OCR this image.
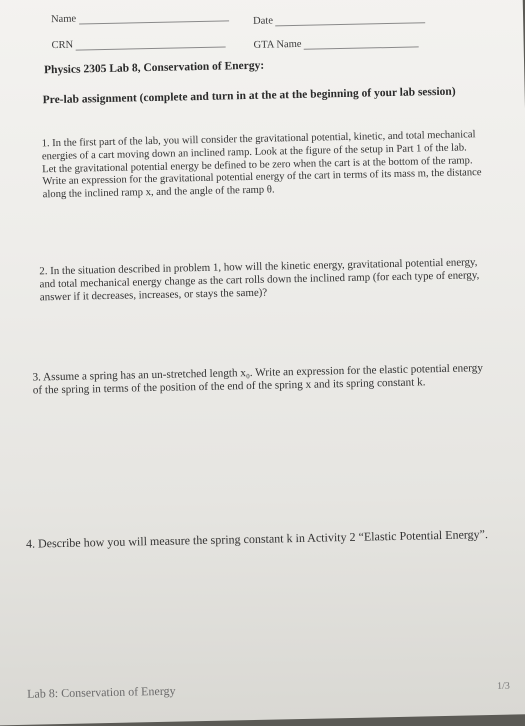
Name	Date
CRN	GTA Name
Physics 2305 Lab 8, Conservation of Energy:
Pre-lab assignment (complete and turn in at the at the beginning of your lab session)
1. In the first part of the lab, you will consider the gravitational potential, kinetic, and total mechanical energies of a cart moving down an inclined ramp. Look at the figure of the setup in Part 1 of the lab. Let the gravitational potential energy be defined to be zero when the cart is at the bottom of the ramp. Write an expression for the gravitational potential energy of the cart in terms of its mass m, the distance along the inclined ramp x, and the angle of the ramp θ.
2. In the situation described in problem 1, how will the kinetic energy, gravitational potential energy, and total mechanical energy change as the cart rolls down the inclined ramp (for each type of energy, answer if it decreases, increases, or stays the same)?
3. Assume a spring has an un-stretched length x₀. Write an expression for the elastic potential energy of the spring in terms of the position of the end of the spring x and its spring constant k.
4. Describe how you will measure the spring constant k in Activity 2 “Elastic Potential Energy”.
Lab 8: Conservation of Energy	1/3
